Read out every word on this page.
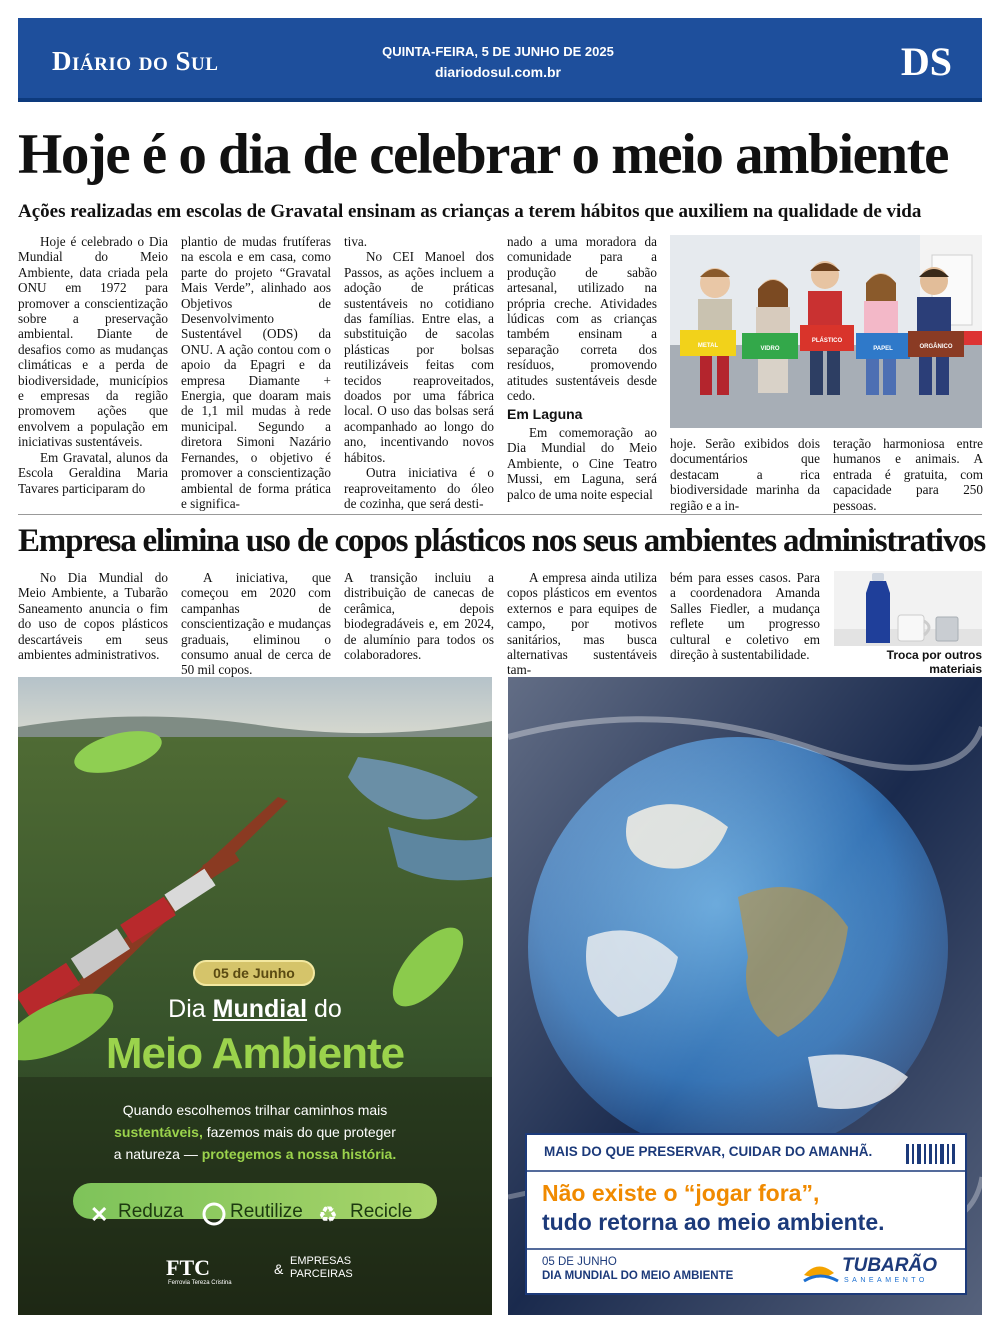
Diário do Sul	QUINTA-FEIRA, 5 DE JUNHO DE 2025
diariodosul.com.br	DS
Hoje é o dia de celebrar o meio ambiente
Ações realizadas em escolas de Gravatal ensinam as crianças a terem hábitos que auxiliem na qualidade de vida

Hoje é celebrado o Dia Mundial do Meio Ambiente, data criada pela ONU em 1972 para promover a conscientização sobre a preservação ambiental. Diante de desafios como as mudanças climáticas e a perda de biodiversidade, municípios e empresas da região promovem ações que envolvem a população em iniciativas sustentáveis.

Em Gravatal, alunos da Escola Geraldina Maria Tavares participaram do

plantio de mudas frutíferas na escola e em casa, como parte do projeto “Gravatal Mais Verde”, alinhado aos Objetivos de Desenvolvimento Sustentável (ODS) da ONU. A ação contou com o apoio da Epagri e da empresa Diamante + Energia, que doaram mais de 1,1 mil mudas à rede municipal. Segundo a diretora Simoni Nazário Fernandes, o objetivo é promover a conscientização ambiental de forma prática e significa-

tiva.

No CEI Manoel dos Passos, as ações incluem a adoção de práticas sustentáveis no cotidiano das famílias. Entre elas, a substituição de sacolas plásticas por bolsas reutilizáveis feitas com tecidos reaproveitados, doados por uma fábrica local. O uso das bolsas será acompanhado ao longo do ano, incentivando novos hábitos.

Outra iniciativa é o reaproveitamento do óleo de cozinha, que será desti-

nado a uma moradora da comunidade para a produção de sabão artesanal, utilizado na própria creche. Atividades lúdicas com as crianças também ensinam a separação correta dos resíduos, promovendo atitudes sustentáveis desde cedo.

Em Laguna

Em comemoração ao Dia Mundial do Meio Ambiente, o Cine Teatro Mussi, em Laguna, será palco de uma noite especial

hoje. Serão exibidos dois documentários que destacam a rica biodiversidade marinha da região e a in-

teração harmoniosa entre humanos e animais. A entrada é gratuita, com capacidade para 250 pessoas.

METAL	VIDRO
PLÁSTICO
PAPEL	ORGÂNICO
Empresa elimina uso de copos plásticos nos seus ambientes administrativos

No Dia Mundial do Meio Ambiente, a Tubarão Saneamento anuncia o fim do uso de copos plásticos descartáveis em seus ambientes administrativos.

A iniciativa, que começou em 2020 com campanhas de conscientização e mudanças graduais, eliminou o consumo anual de cerca de 50 mil copos.

A transição incluiu a distribuição de canecas de cerâmica, depois biodegradáveis e, em 2024, de alumínio para todos os colaboradores.

A empresa ainda utiliza copos plásticos em eventos externos e para equipes de campo, por motivos sanitários, mas busca alternativas sustentáveis tam-

bém para esses casos. Para a coordenadora Amanda Salles Fiedler, a mudança reflete um progresso cultural e coletivo em direção à sustentabilidade.	Troca por outros materiais
✕	♻
05 de Junho
Dia Mundial do
Meio Ambiente
Quando escolhemos trilhar caminhos mais
sustentáveis, fazemos mais do que proteger
a natureza — protegemos a nossa história.
Reduza Reutilize Recicle
FTC
Ferrovia Tereza Cristina
& EMPRESAS
PARCEIRAS
MAIS DO QUE PRESERVAR, CUIDAR DO AMANHÃ.
Não existe o “jogar fora”,
tudo retorna ao meio ambiente.
05 DE JUNHO
DIA MUNDIAL DO MEIO AMBIENTE	TUBARÃO
SANEAMENTO
